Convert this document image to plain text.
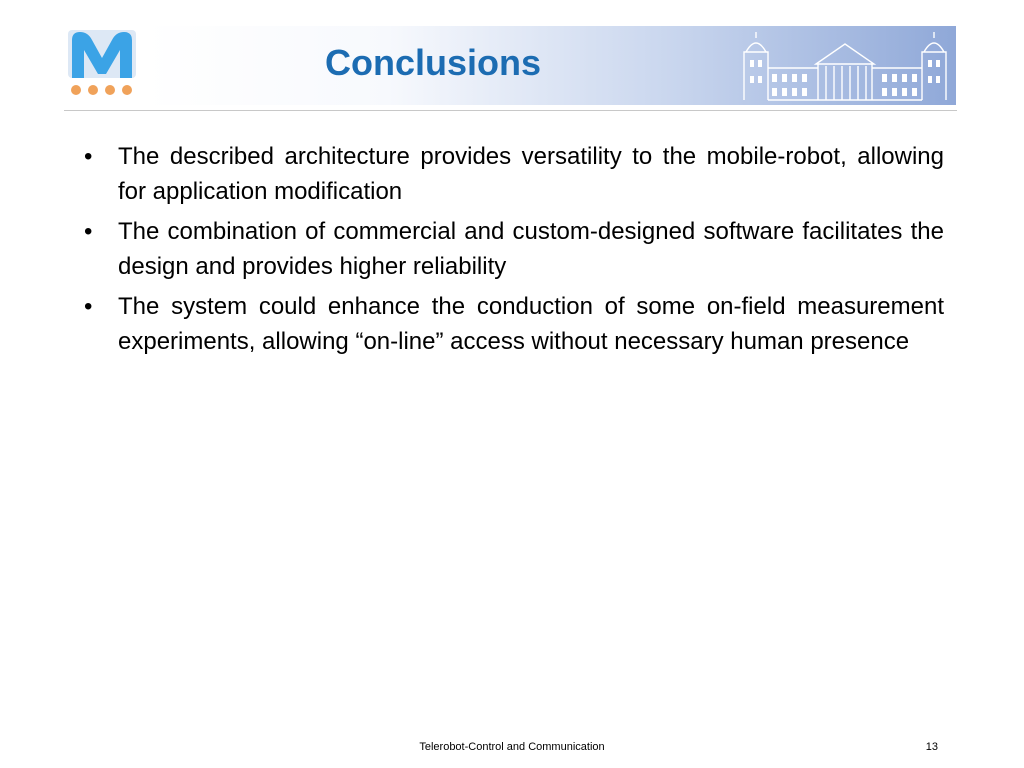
Conclusions
• The described architecture provides versatility to the mobile-robot, allowing for application modification
• The combination of commercial and custom-designed software facilitates the design and provides higher reliability
• The system could enhance the conduction of some on-field measurement experiments, allowing “on-line” access without necessary human presence
Telerobot-Control and Communication	13
